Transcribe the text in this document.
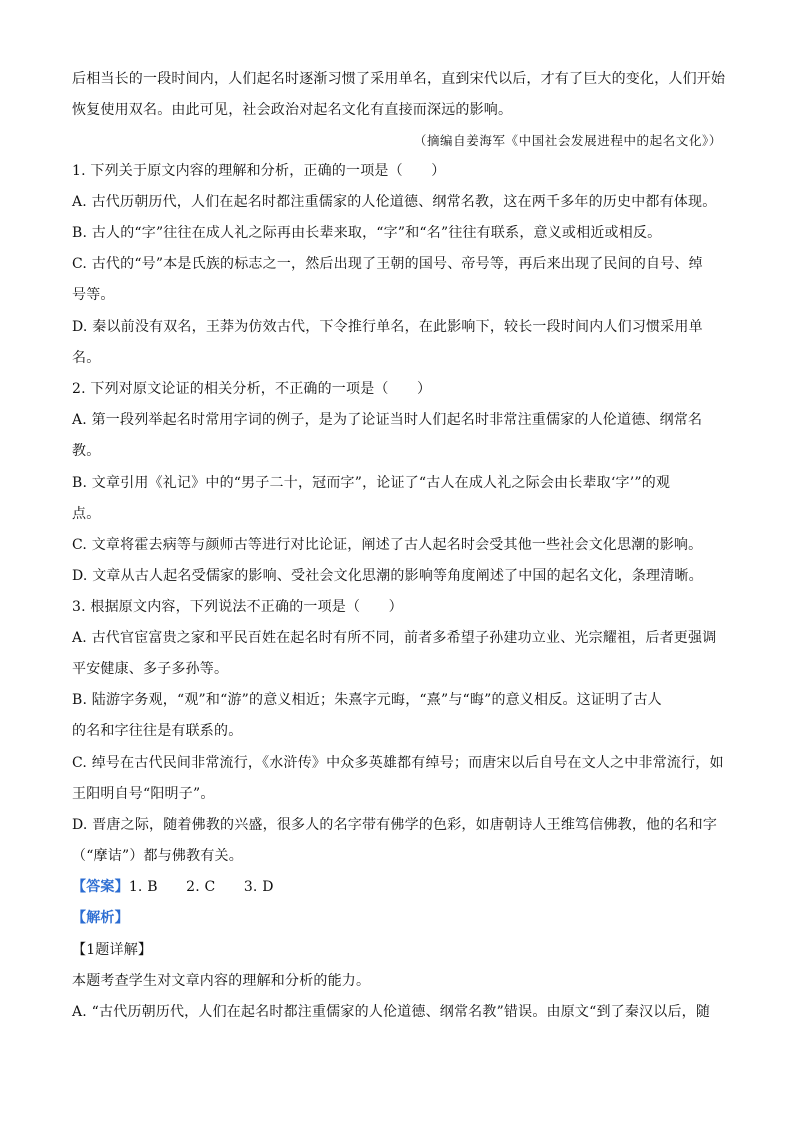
后相当长的一段时间内，人们起名时逐渐习惯了采用单名，直到宋代以后，才有了巨大的变化，人们开始
恢复使用双名。由此可见，社会政治对起名文化有直接而深远的影响。
（摘编自姜海军《中国社会发展进程中的起名文化》）
1. 下列关于原文内容的理解和分析，正确的一项是（　　）
A. 古代历朝历代，人们在起名时都注重儒家的人伦道德、纲常名教，这在两千多年的历史中都有体现。
B. 古人的“字”往往在成人礼之际再由长辈来取，“字”和“名”往往有联系，意义或相近或相反。
C. 古代的“号”本是氏族的标志之一，然后出现了王朝的国号、帝号等，再后来出现了民间的自号、绰
号等。
D. 秦以前没有双名，王莽为仿效古代，下令推行单名，在此影响下，较长一段时间内人们习惯采用单
名。
2. 下列对原文论证的相关分析，不正确的一项是（　　）
A. 第一段列举起名时常用字词的例子，是为了论证当时人们起名时非常注重儒家的人伦道德、纲常名
教。
B. 文章引用《礼记》中的“男子二十，冠而字”，论证了“古人在成人礼之际会由长辈取‘字’”的观
点。
C. 文章将霍去病等与颜师古等进行对比论证，阐述了古人起名时会受其他一些社会文化思潮的影响。
D. 文章从古人起名受儒家的影响、受社会文化思潮的影响等角度阐述了中国的起名文化，条理清晰。
3. 根据原文内容，下列说法不正确的一项是（　　）
A. 古代官宦富贵之家和平民百姓在起名时有所不同，前者多希望子孙建功立业、光宗耀祖，后者更强调
平安健康、多子多孙等。
B. 陆游字务观，“观”和“游”的意义相近；朱熹字元晦，“熹”与“晦”的意义相反。这证明了古人
的名和字往往是有联系的。
C. 绰号在古代民间非常流行，《水浒传》中众多英雄都有绰号；而唐宋以后自号在文人之中非常流行，如
王阳明自号“阳明子”。
D. 晋唐之际，随着佛教的兴盛，很多人的名字带有佛学的色彩，如唐朝诗人王维笃信佛教，他的名和字
（“摩诘”）都与佛教有关。
【答案】1. B　　2. C　　3. D
【解析】
【1题详解】
本题考查学生对文章内容的理解和分析的能力。
A. “古代历朝历代，人们在起名时都注重儒家的人伦道德、纲常名教”错误。由原文“到了秦汉以后，随
